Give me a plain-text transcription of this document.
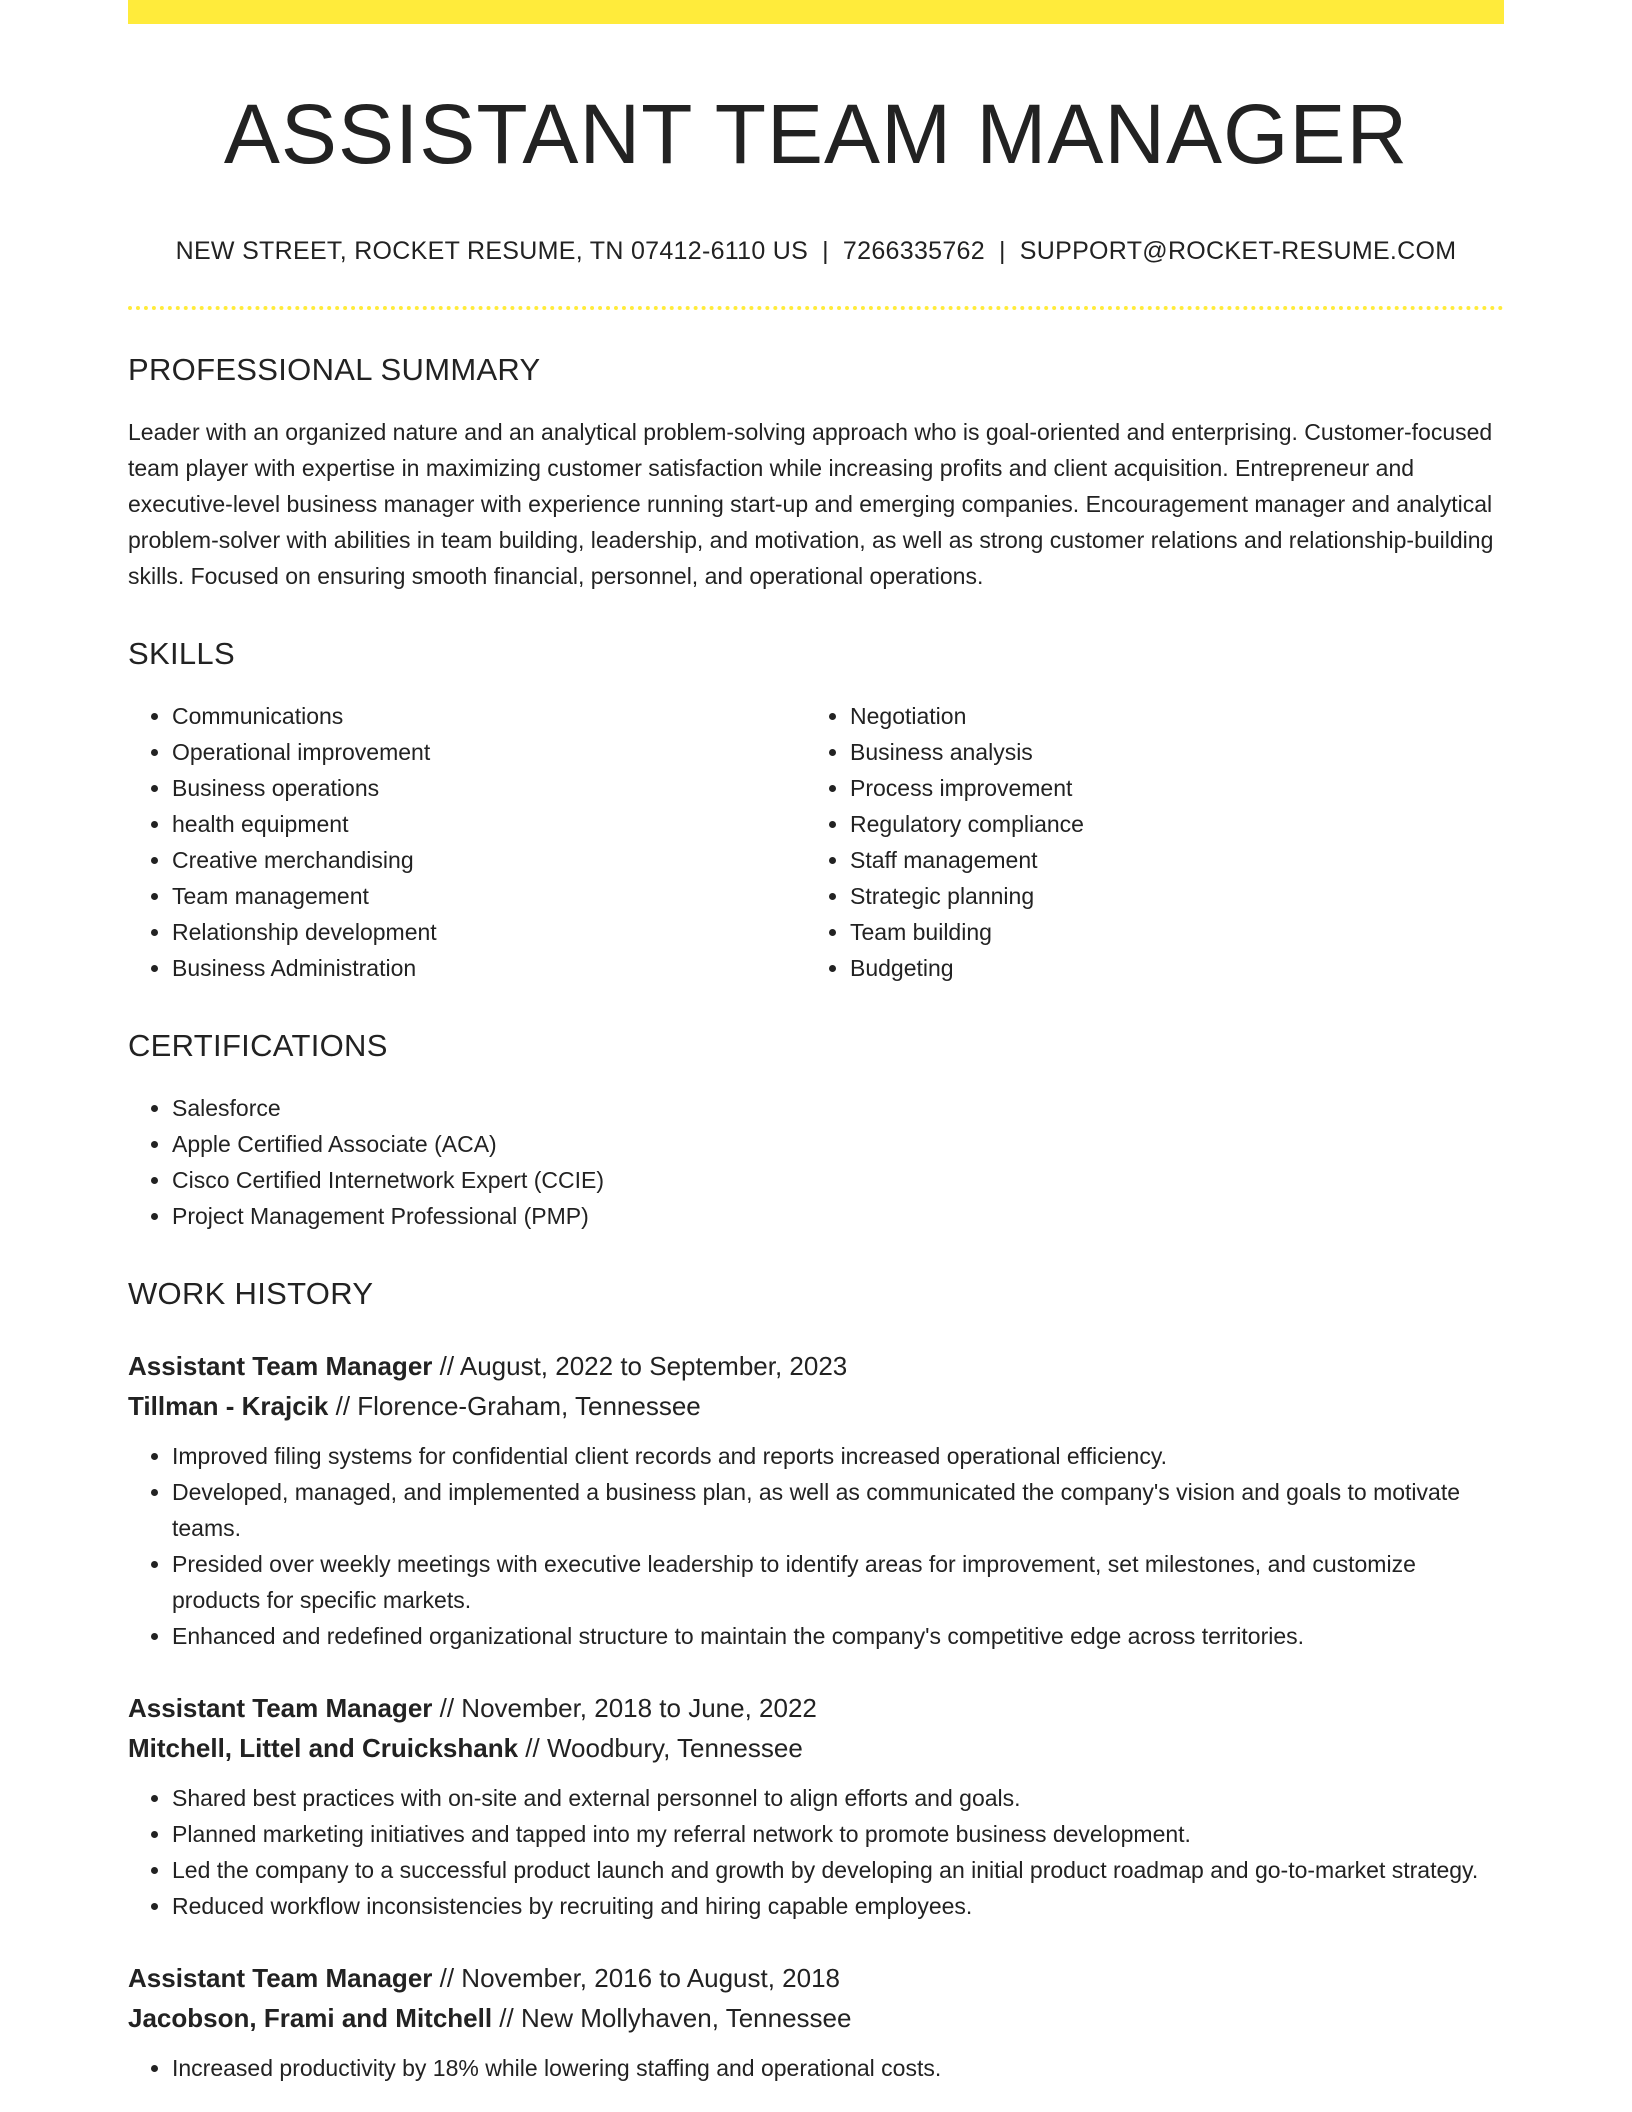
ASSISTANT TEAM MANAGER
NEW STREET, ROCKET RESUME, TN 07412-6110 US | 7266335762 | SUPPORT@ROCKET-RESUME.COM
PROFESSIONAL SUMMARY

Leader with an organized nature and an analytical problem-solving approach who is goal-oriented and enterprising. Customer-focused team player with expertise in maximizing customer satisfaction while increasing profits and client acquisition. Entrepreneur and executive-level business manager with experience running start-up and emerging companies. Encouragement manager and analytical problem-solver with abilities in team building, leadership, and motivation, as well as strong customer relations and relationship-building skills. Focused on ensuring smooth financial, personnel, and operational operations.

SKILLS
• Communications
• Operational improvement
• Business operations
• health equipment
• Creative merchandising
• Team management
• Relationship development
• Business Administration
• Negotiation
• Business analysis
• Process improvement
• Regulatory compliance
• Staff management
• Strategic planning
• Team building
• Budgeting
CERTIFICATIONS
• Salesforce
• Apple Certified Associate (ACA)
• Cisco Certified Internetwork Expert (CCIE)
• Project Management Professional (PMP)
WORK HISTORY
Assistant Team Manager // August, 2022 to September, 2023
Tillman - Krajcik // Florence-Graham, Tennessee
• Improved filing systems for confidential client records and reports increased operational efficiency.
• Developed, managed, and implemented a business plan, as well as communicated the company's vision and goals to motivate teams.
• Presided over weekly meetings with executive leadership to identify areas for improvement, set milestones, and customize products for specific markets.
• Enhanced and redefined organizational structure to maintain the company's competitive edge across territories.
Assistant Team Manager // November, 2018 to June, 2022
Mitchell, Littel and Cruickshank // Woodbury, Tennessee
• Shared best practices with on-site and external personnel to align efforts and goals.
• Planned marketing initiatives and tapped into my referral network to promote business development.
• Led the company to a successful product launch and growth by developing an initial product roadmap and go-to-market strategy.
• Reduced workflow inconsistencies by recruiting and hiring capable employees.
Assistant Team Manager // November, 2016 to August, 2018
Jacobson, Frami and Mitchell // New Mollyhaven, Tennessee
• Increased productivity by 18% while lowering staffing and operational costs.
